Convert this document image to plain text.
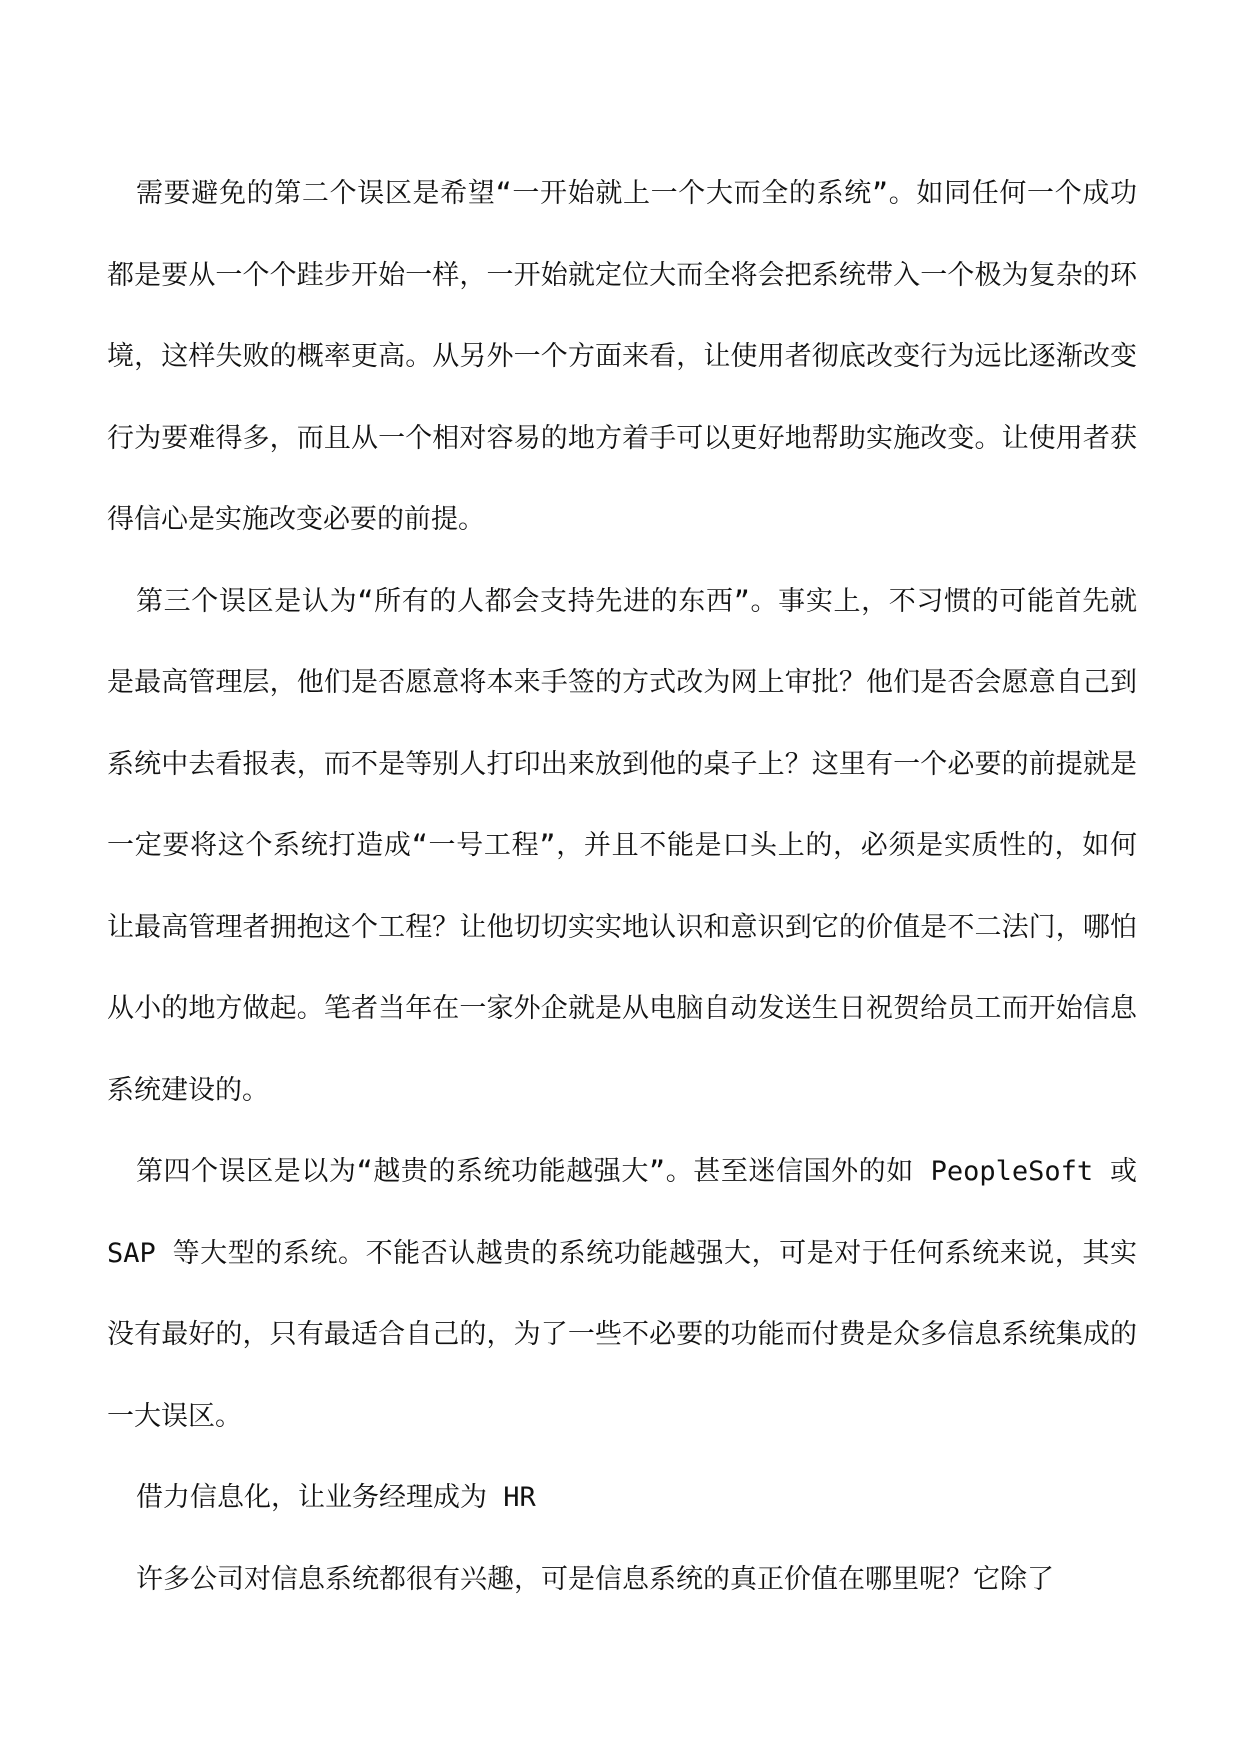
需要避免的第二个误区是希望“一开始就上一个大而全的系统”。如同任何一个成功都是要从一个个跬步开始一样，一开始就定位大而全将会把系统带入一个极为复杂的环境，这样失败的概率更高。从另外一个方面来看，让使用者彻底改变行为远比逐渐改变行为要难得多，而且从一个相对容易的地方着手可以更好地帮助实施改变。让使用者获得信心是实施改变必要的前提。

第三个误区是认为“所有的人都会支持先进的东西”。事实上，不习惯的可能首先就是最高管理层，他们是否愿意将本来手签的方式改为网上审批？他们是否会愿意自己到系统中去看报表，而不是等别人打印出来放到他的桌子上？这里有一个必要的前提就是一定要将这个系统打造成“一号工程”，并且不能是口头上的，必须是实质性的，如何让最高管理者拥抱这个工程？让他切切实实地认识和意识到它的价值是不二法门，哪怕从小的地方做起。笔者当年在一家外企就是从电脑自动发送生日祝贺给员工而开始信息系统建设的。

第四个误区是以为“越贵的系统功能越强大”。甚至迷信国外的如 PeopleSoft 或 SAP 等大型的系统。不能否认越贵的系统功能越强大，可是对于任何系统来说，其实没有最好的，只有最适合自己的，为了一些不必要的功能而付费是众多信息系统集成的一大误区。

借力信息化，让业务经理成为 HR

许多公司对信息系统都很有兴趣，可是信息系统的真正价值在哪里呢？它除了
